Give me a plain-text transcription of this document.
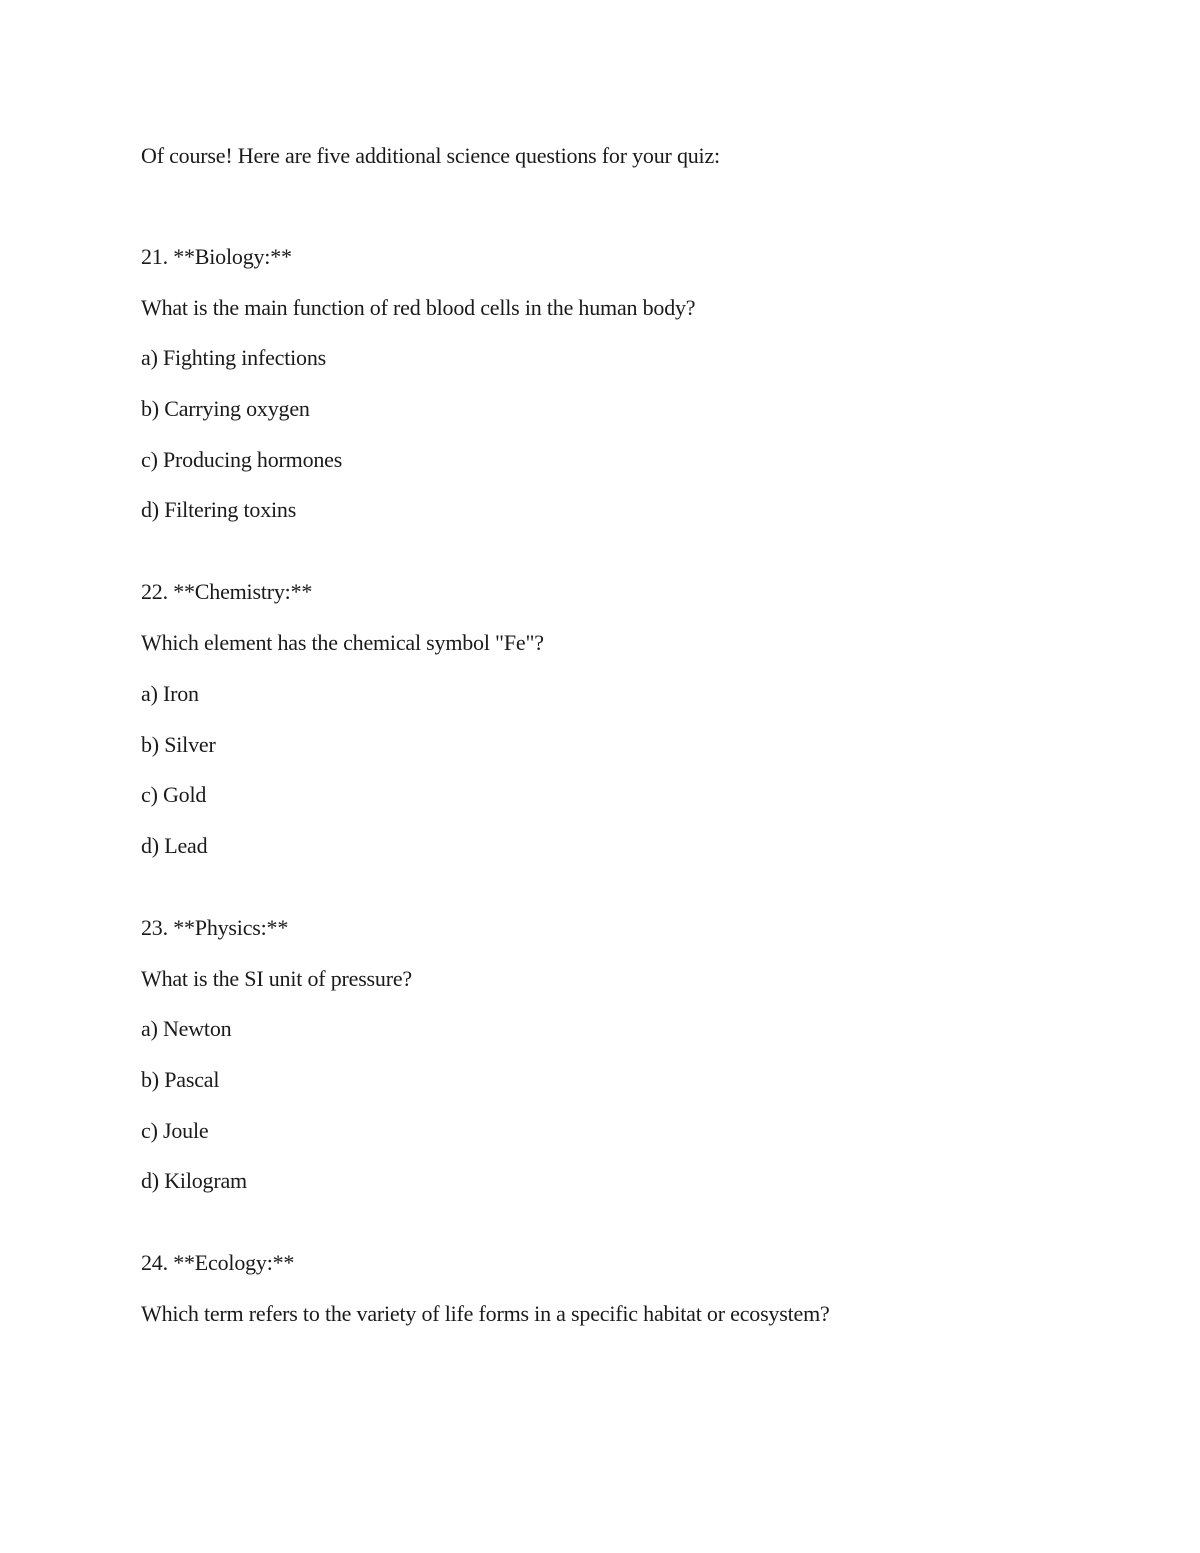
Of course! Here are five additional science questions for your quiz:
21. **Biology:**
What is the main function of red blood cells in the human body?
a) Fighting infections
b) Carrying oxygen
c) Producing hormones
d) Filtering toxins
22. **Chemistry:**
Which element has the chemical symbol "Fe"?
a) Iron
b) Silver
c) Gold
d) Lead
23. **Physics:**
What is the SI unit of pressure?
a) Newton
b) Pascal
c) Joule
d) Kilogram
24. **Ecology:**
Which term refers to the variety of life forms in a specific habitat or ecosystem?
